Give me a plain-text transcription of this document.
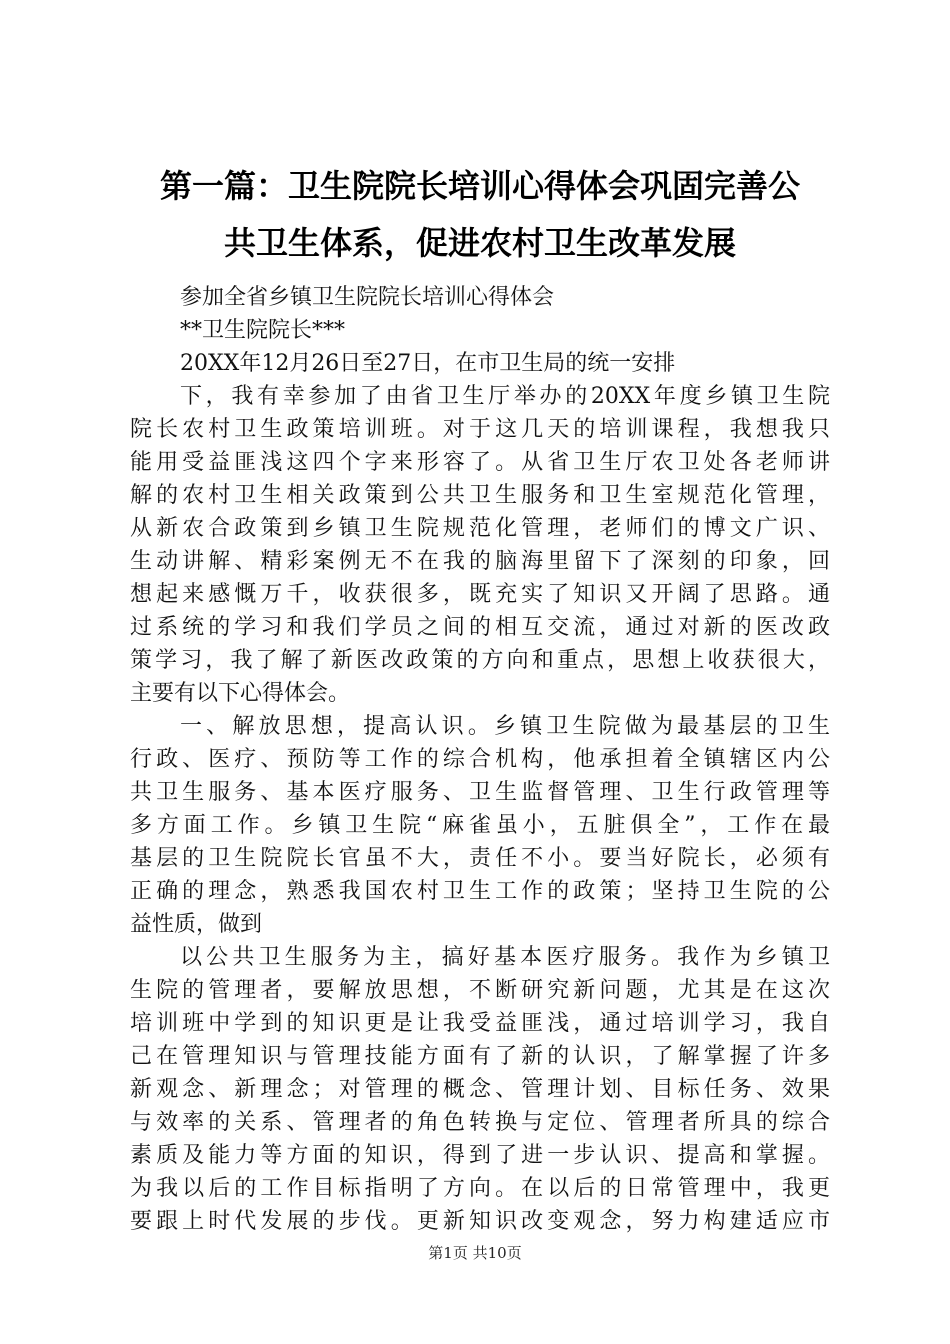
第一篇：卫生院院长培训心得体会巩固完善公
共卫生体系，促进农村卫生改革发展
参加全省乡镇卫生院院长培训心得体会
**卫生院院长***
20XX年12月26日至27日，在市卫生局的统一安排
下，我有幸参加了由省卫生厅举办的20XX年度乡镇卫生院
院长农村卫生政策培训班。对于这几天的培训课程，我想我只
能用受益匪浅这四个字来形容了。从省卫生厅农卫处各老师讲
解的农村卫生相关政策到公共卫生服务和卫生室规范化管理，
从新农合政策到乡镇卫生院规范化管理，老师们的博文广识、
生动讲解、精彩案例无不在我的脑海里留下了深刻的印象，回
想起来感慨万千，收获很多，既充实了知识又开阔了思路。通
过系统的学习和我们学员之间的相互交流，通过对新的医改政
策学习，我了解了新医改政策的方向和重点，思想上收获很大，
主要有以下心得体会。
一、解放思想，提高认识。乡镇卫生院做为最基层的卫生
行政、医疗、预防等工作的综合机构，他承担着全镇辖区内公
共卫生服务、基本医疗服务、卫生监督管理、卫生行政管理等
多方面工作。乡镇卫生院“麻雀虽小，五脏俱全”，工作在最
基层的卫生院院长官虽不大，责任不小。要当好院长，必须有
正确的理念，熟悉我国农村卫生工作的政策；坚持卫生院的公
益性质，做到
以公共卫生服务为主，搞好基本医疗服务。我作为乡镇卫
生院的管理者，要解放思想，不断研究新问题，尤其是在这次
培训班中学到的知识更是让我受益匪浅，通过培训学习，我自
己在管理知识与管理技能方面有了新的认识，了解掌握了许多
新观念、新理念；对管理的概念、管理计划、目标任务、效果
与效率的关系、管理者的角色转换与定位、管理者所具的综合
素质及能力等方面的知识，得到了进一步认识、提高和掌握。
为我以后的工作目标指明了方向。在以后的日常管理中，我更
要跟上时代发展的步伐。更新知识改变观念，努力构建适应市
第1页 共10页
